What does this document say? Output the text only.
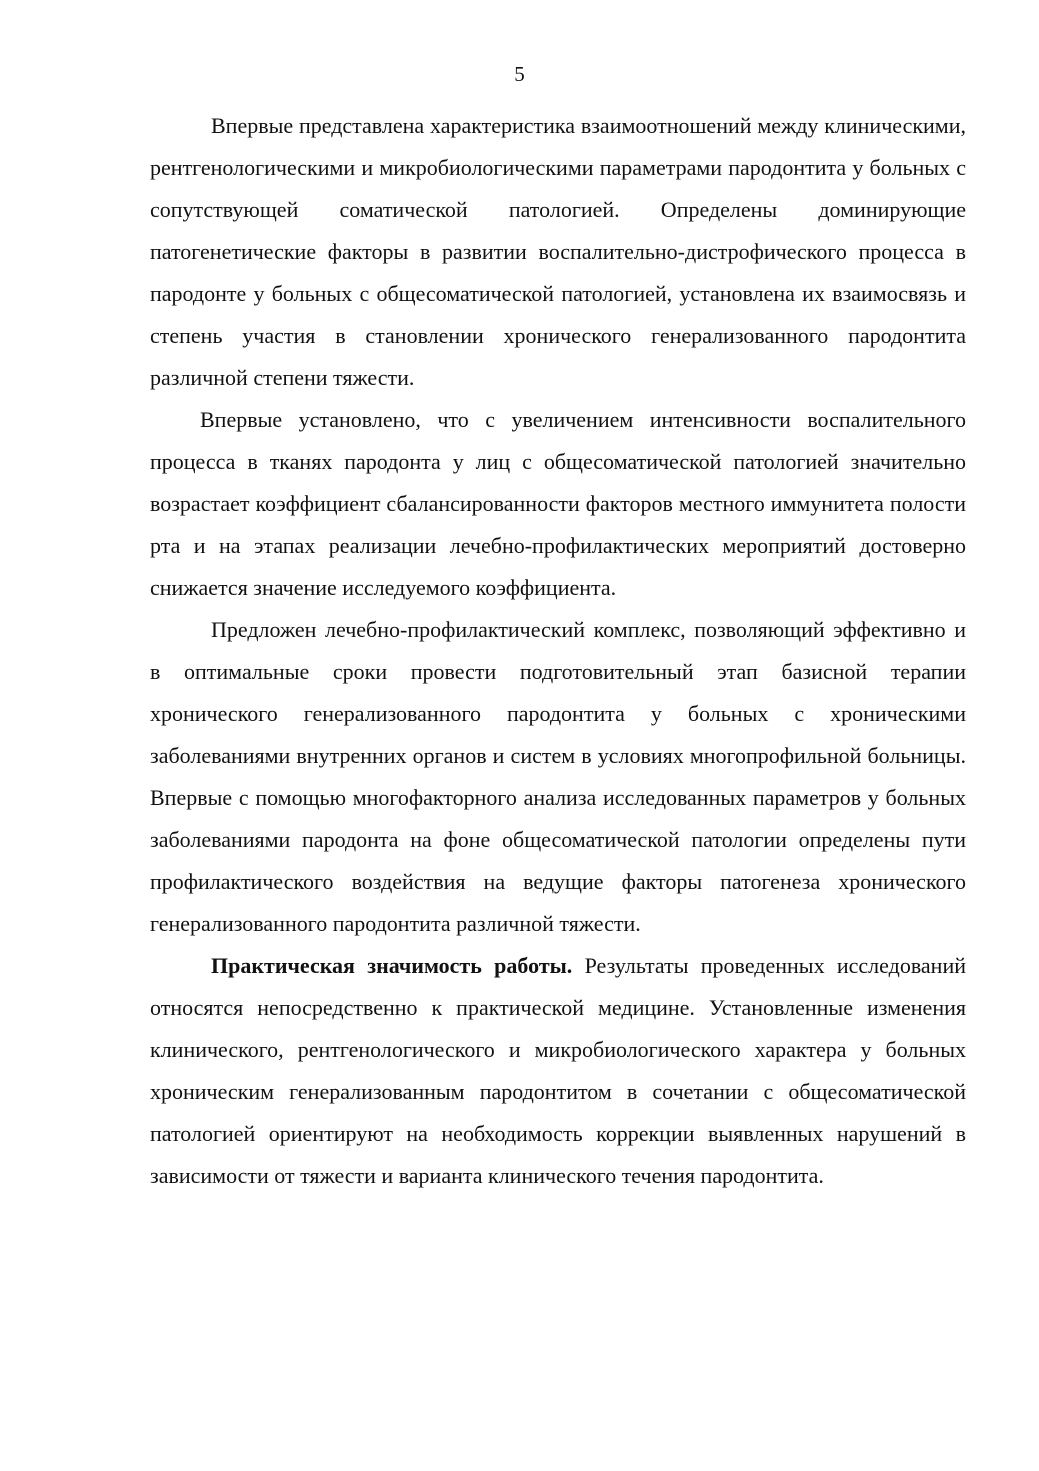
5

Впервые представлена характеристика взаимоотношений между клиническими, рентгенологическими и микробиологическими параметрами пародонтита у больных с сопутствующей соматической патологией. Определены доминирующие патогенетические факторы в развитии воспалительно-дистрофического процесса в пародонте у больных с общесоматической патологией, установлена их взаимосвязь и степень участия в становлении хронического генерализованного пародонтита различной степени тяжести.

Впервые установлено, что с увеличением интенсивности воспалительного процесса в тканях пародонта у лиц с общесоматической патологией значительно возрастает коэффициент сбалансированности факторов местного иммунитета полости рта и на этапах реализации лечебно-профилактических мероприятий достоверно снижается значение исследуемого коэффициента.

Предложен лечебно-профилактический комплекс, позволяющий эффективно и в оптимальные сроки провести подготовительный этап базисной терапии хронического генерализованного пародонтита у больных с хроническими заболеваниями внутренних органов и систем в условиях многопрофильной больницы. Впервые с помощью многофакторного анализа исследованных параметров у больных заболеваниями пародонта на фоне общесоматической патологии определены пути профилактического воздействия на ведущие факторы патогенеза хронического генерализованного пародонтита различной тяжести.

Практическая значимость работы. Результаты проведенных исследований относятся непосредственно к практической медицине. Установленные изменения клинического, рентгенологического и микробиологического характера у больных хроническим генерализованным пародонтитом в сочетании с общесоматической патологией ориентируют на необходимость коррекции выявленных нарушений в зависимости от тяжести и варианта клинического течения пародонтита.
